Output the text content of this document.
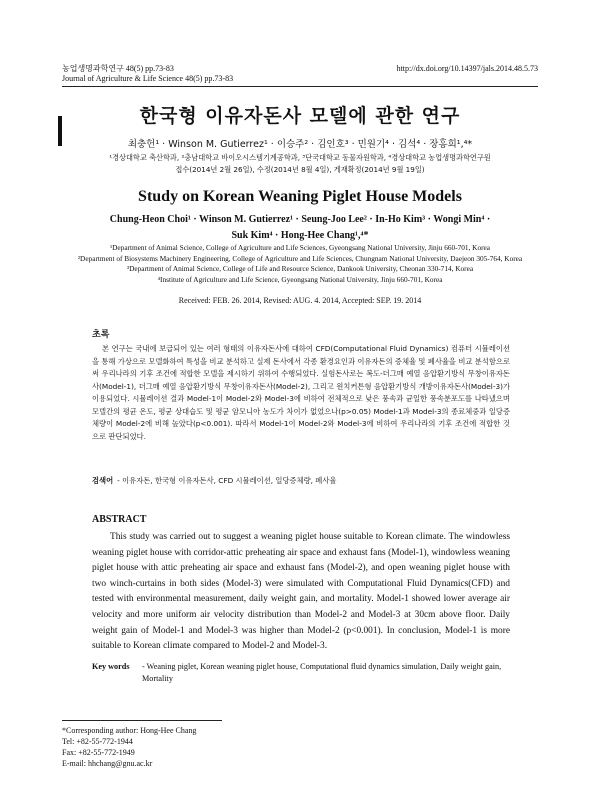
농업생명과학연구 48(5) pp.73-83
Journal of Agriculture & Life Science 48(5) pp.73-83
http://dx.doi.org/10.14397/jals.2014.48.5.73
한국형 이유자돈사 모델에 관한 연구
최충헌¹ · Winson M. Gutierrez¹ · 이승주² · 김인호³ · 민원기⁴ · 김석⁴ · 장홍희¹,⁴*
¹경상대학교 축산학과, ²충남대학교 바이오시스템기계공학과, ³단국대학교 동물자원학과, ⁴경상대학교 농업생명과학연구원
접수(2014년 2월 26일), 수정(2014년 8월 4일), 게재확정(2014년 9월 19일)
Study on Korean Weaning Piglet House Models
Chung-Heon Choi¹ · Winson M. Gutierrez¹ · Seung-Joo Lee² · In-Ho Kim³ · Wongi Min⁴ ·
Suk Kim⁴ · Hong-Hee Chang¹,⁴*
¹Department of Animal Science, College of Agriculture and Life Sciences, Gyeongsang National University, Jinju 660-701, Korea
²Department of Biosystems Machinery Engineering, College of Agriculture and Life Sciences, Chungnam National University, Daejeon 305-764, Korea
³Department of Animal Science, College of Life and Resource Science, Dankook University, Cheonan 330-714, Korea
⁴Institute of Agriculture and Life Science, Gyeongsang National University, Jinju 660-701, Korea
Received: FEB. 26. 2014, Revised: AUG. 4. 2014, Accepted: SEP. 19. 2014
초록

본 연구는 국내에 보급되어 있는 여러 형태의 이유자돈사에 대하여 CFD(Computational Fluid Dynamics) 컴퓨터 시뮬레이션을 통해 가상으로 모델화하여 특성을 비교 분석하고 실제 돈사에서 각종 환경요인과 이유자돈의 증체율 및 폐사율을 비교 분석함으로써 우리나라의 기후 조건에 적합한 모델을 제시하기 위하여 수행되었다. 실험돈사로는 복도-더그매 예열 음압환기방식 무창이유자돈사(Model-1), 더그매 예열 음압환기방식 무창이유자돈사(Model-2), 그리고 윈치커튼형 음압환기방식 개방이유자돈사(Model-3)가 이용되었다. 시뮬레이션 결과 Model-1이 Model-2와 Model-3에 비하여 전체적으로 낮은 풍속과 균일한 풍속분포도를 나타냈으며 모델간의 평균 온도, 평균 상대습도 및 평균 암모니아 농도가 차이가 없었으나(p>0.05) Model-1과 Model-3의 종료체중과 일당증체량이 Model-2에 비해 높았다(p<0.001). 따라서 Model-1이 Model-2와 Model-3에 비하여 우리나라의 기후 조건에 적합한 것으로 판단되었다.

검색어 - 이유자돈, 한국형 이유자돈사, CFD 시뮬레이션, 일당증체량, 폐사율
ABSTRACT

This study was carried out to suggest a weaning piglet house suitable to Korean climate. The windowless weaning piglet house with corridor-attic preheating air space and exhaust fans (Model-1), windowless weaning piglet house with attic preheating air space and exhaust fans (Model-2), and open weaning piglet house with two winch-curtains in both sides (Model-3) were simulated with Computational Fluid Dynamics(CFD) and tested with environmental measurement, daily weight gain, and mortality. Model-1 showed lower average air velocity and more uniform air velocity distribution than Model-2 and Model-3 at 30cm above floor. Daily weight gain of Model-1 and Model-3 was higher than Model-2 (p<0.001). In conclusion, Model-1 is more suitable to Korean climate compared to Model-2 and Model-3.

Key words - Weaning piglet, Korean weaning piglet house, Computational fluid dynamics simulation, Daily weight gain, Mortality
*Corresponding author: Hong-Hee Chang
Tel: +82-55-772-1944
Fax: +82-55-772-1949
E-mail: hhchang@gnu.ac.kr
